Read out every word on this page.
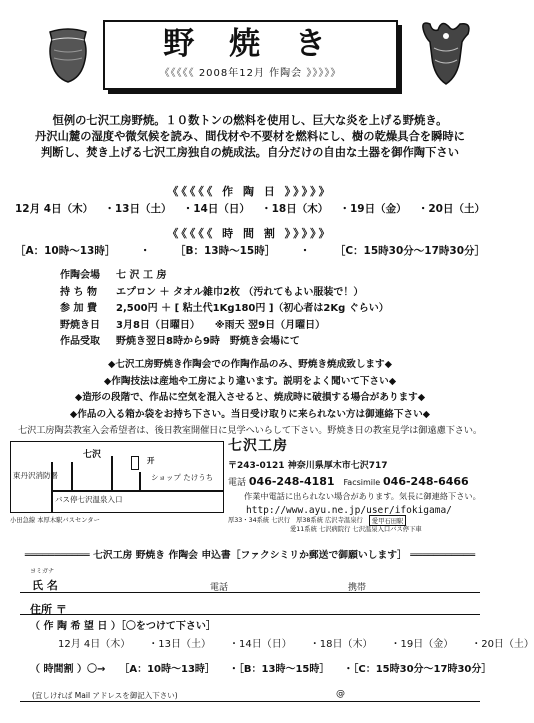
野 焼 き
《《《《《 2008年12月 作陶会 》》》》》
恒例の七沢工房野焼。１０数トンの燃料を使用し、巨大な炎を上げる野焼き。
丹沢山麓の湿度や微気候を読み、間伐材や不要材を燃料にし、樹の乾燥具合を瞬時に
判断し、焚き上げる七沢工房独自の焼成法。自分だけの自由な土器を御作陶下さい
《《《《《 作 陶 日 》》》》》
12月 4日（木） ・13日（土） ・14日（日） ・18日（木） ・19日（金） ・20日（土）
《《《《《 時 間 割 》》》》》
［A：10時〜13時］ ・ ［B：13時〜15時］ ・ ［C：15時30分〜17時30分］
作陶会場 七 沢 工 房
持 ち 物 エプロン ＋ タオル雑巾2枚 （汚れてもよい服装で！）
参 加 費 2,500円 ＋ [ 粘土代1Kg180円 ]（初心者は2Kg ぐらい）
野焼き日 3月8日（日曜日）　　※雨天 翌9日（月曜日）
作品受取 野焼き翌日8時から9時　野焼き会場にて
◆七沢工房野焼き作陶会での作陶作品のみ、野焼き焼成致します◆
◆作陶技法は産地や工房により違います。説明をよく聞いて下さい◆
◆造形の段階で、作品に空気を混入させると、焼成時に破損する場合があります◆
◆作品の入る箱か袋をお持ち下さい。当日受け取りに来られない方は御連絡下さい◆
七沢工房陶芸教室入会希望者は、後日教室開催日に見学へいらして下さい。野焼き日の教室見学は御遠慮下さい。
七沢
开
東丹沢消防署	ショップ たけうち
バス停七沢温泉入口
小田急線 本厚木駅バスセンター	厚33・34系統 七沢行 厚38系統 広沢寺温泉行	愛甲石田駅
愛11系統 七沢病院行 七沢温泉入口バス停下車
七沢工房
〒243-0121 神奈川県厚木市七沢717
電話 046-248-4181 Facsimile 046-248-6466
作業中電話に出られない場合があります。気長に御連絡下さい。
http://www.ayu.ne.jp/user/ifokigama/
═══════════ 七沢工房 野焼き 作陶会 申込書［ファクシミリか郵送で御願いします］ ═══════════
ヨミガナ
氏 名	電話	携帯
住所 〒
（ 作 陶 希 望 日 ）［〇をつけて下さい］
12月 4日（木） ・13日（土） ・14日（日） ・18日（木） ・19日（金） ・20日（土）
（ 時間割 ）〇→ ［A：10時〜13時］ ・［B：13時〜15時］ ・［C：15時30分〜17時30分］
(宜しければ Mail アドレスを御記入下さい)	@
